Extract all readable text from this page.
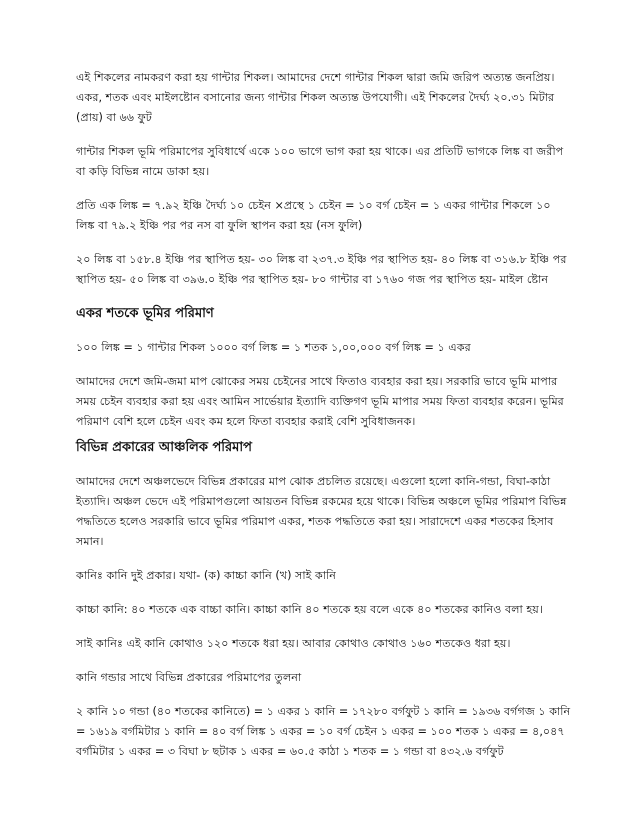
এই শিকলের নামকরণ করা হয় গান্টার শিকল। আমাদের দেশে গান্টার শিকল দ্বারা জমি জরিপ অত্যন্ত জনপ্রিয়। একর, শতক এবং মাইলষ্টোন বসানোর জন্য গান্টার শিকল অত্যন্ত উপযোগী। এই শিকলের দৈর্ঘ্য ২০.৩১ মিটার (প্রায়) বা ৬৬ ফুট

গান্টার শিকল ভূমি পরিমাপের সুবিধার্থে একে ১০০ ভাগে ভাগ করা হয় থাকে। এর প্রতিটি ভাগকে লিঙ্ক বা জরীপ বা কড়ি বিভিন্ন নামে ডাকা হয়।

প্রতি এক লিঙ্ক = ৭.৯২ ইঞ্চি দৈর্ঘ্য ১০ চেইন ×প্রস্থে ১ চেইন = ১০ বর্গ চেইন = ১ একর গান্টার শিকলে ১০ লিঙ্ক বা ৭৯.২ ইঞ্চি পর পর নস বা ফুলি স্থাপন করা হয় (নস ফুলি)

২০ লিঙ্ক বা ১৫৮.৪ ইঞ্চি পর স্থাপিত হয়- ৩০ লিঙ্ক বা ২৩৭.৩ ইঞ্চি পর স্থাপিত হয়- ৪০ লিঙ্ক বা ৩১৬.৮ ইঞ্চি পর স্থাপিত হয়- ৫০ লিঙ্ক বা ৩৯৬.০ ইঞ্চি পর স্থাপিত হয়- ৮০ গান্টার বা ১৭৬০ গজ পর স্থাপিত হয়- মাইল ষ্টোন

একর শতকে ভূমির পরিমাণ

১০০ লিঙ্ক = ১ গান্টার শিকল ১০০০ বর্গ লিঙ্ক = ১ শতক ১,০০,০০০ বর্গ লিঙ্ক = ১ একর

আমাদের দেশে জমি-জমা মাপ ঝোকের সময় চেইনের সাথে ফিতাও ব্যবহার করা হয়। সরকারি ভাবে ভূমি মাপার সময় চেইন ব্যবহার করা হয় এবং আমিন সার্ভেয়ার ইত্যাদি ব্যক্তিগণ ভূমি মাপার সময় ফিতা ব্যবহার করেন। ভূমির পরিমাণ বেশি হলে চেইন এবং কম হলে ফিতা ব্যবহার করাই বেশি সুবিধাজনক।

বিভিন্ন প্রকারের আঞ্চলিক পরিমাপ

আমাদের দেশে অঞ্চলভেদে বিভিন্ন প্রকারের মাপ ঝোক প্রচলিত রয়েছে। এগুলো হলো কানি-গন্ডা, বিঘা-কাঠা ইত্যাদি। অঞ্চল ভেদে এই পরিমাপগুলো আয়তন বিভিন্ন রকমের হয়ে থাকে। বিভিন্ন অঞ্চলে ভূমির পরিমাপ বিভিন্ন পদ্ধতিতে হলেও সরকারি ভাবে ভূমির পরিমাপ একর, শতক পদ্ধতিতে করা হয়। সারাদেশে একর শতকের হিসাব সমান।

কানিঃ কানি দুই প্রকার। যথা- (ক) কাচ্চা কানি (খ) সাই কানি

কাচ্চা কানি: ৪০ শতকে এক বাচ্চা কানি। কাচ্চা কানি ৪০ শতকে হয় বলে একে ৪০ শতকের কানিও বলা হয়।

সাই কানিঃ এই কানি কোথাও ১২০ শতকে ধরা হয়। আবার কোথাও কোথাও ১৬০ শতকেও ধরা হয়।

কানি গন্ডার সাথে বিভিন্ন প্রকারের পরিমাপের তুলনা

২ কানি ১০ গন্ডা (৪০ শতকের কানিতে) = ১ একর ১ কানি = ১৭২৮০ বর্গফুট ১ কানি = ১৯৩৬ বর্গগজ ১ কানি = ১৬১৯ বর্গমিটার ১ কানি = ৪০ বর্গ লিঙ্ক ১ একর = ১০ বর্গ চেইন ১ একর = ১০০ শতক ১ একর = ৪,০৪৭ বর্গমিটার ১ একর = ৩ বিঘা ৮ ছটাক ১ একর = ৬০.৫ কাঠা ১ শতক = ১ গন্ডা বা ৪৩২.৬ বর্গফুট
